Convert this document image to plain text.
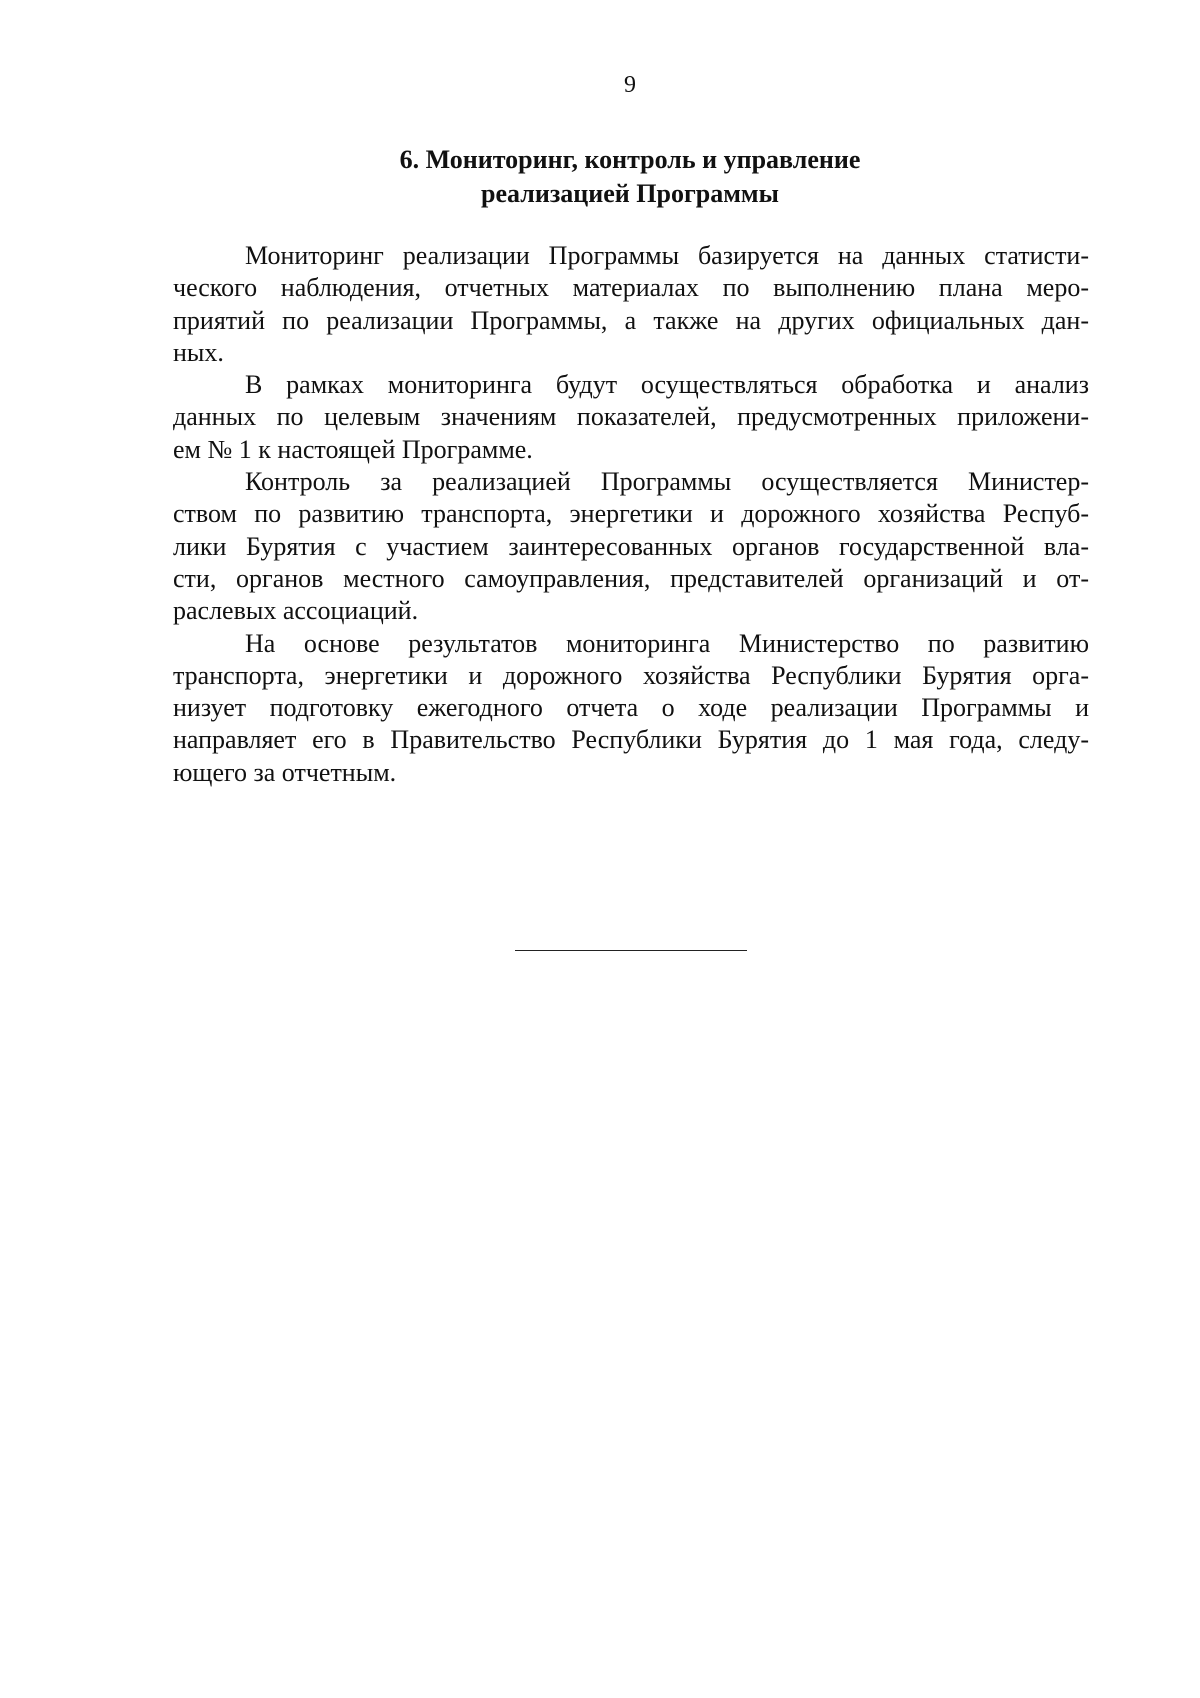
9
6. Мониторинг, контроль и управление
реализацией Программы
Мониторинг реализации Программы базируется на данных статисти-
ческого наблюдения, отчетных материалах по выполнению плана меро-
приятий по реализации Программы, а также на других официальных дан-
ных.
В рамках мониторинга будут осуществляться обработка и анализ
данных по целевым значениям показателей, предусмотренных приложени-
ем № 1 к настоящей Программе.
Контроль за реализацией Программы осуществляется Министер-
ством по развитию транспорта, энергетики и дорожного хозяйства Респуб-
лики Бурятия с участием заинтересованных органов государственной вла-
сти, органов местного самоуправления, представителей организаций и от-
раслевых ассоциаций.
На основе результатов мониторинга Министерство по развитию
транспорта, энергетики и дорожного хозяйства Республики Бурятия орга-
низует подготовку ежегодного отчета о ходе реализации Программы и
направляет его в Правительство Республики Бурятия до 1 мая года, следу-
ющего за отчетным.
